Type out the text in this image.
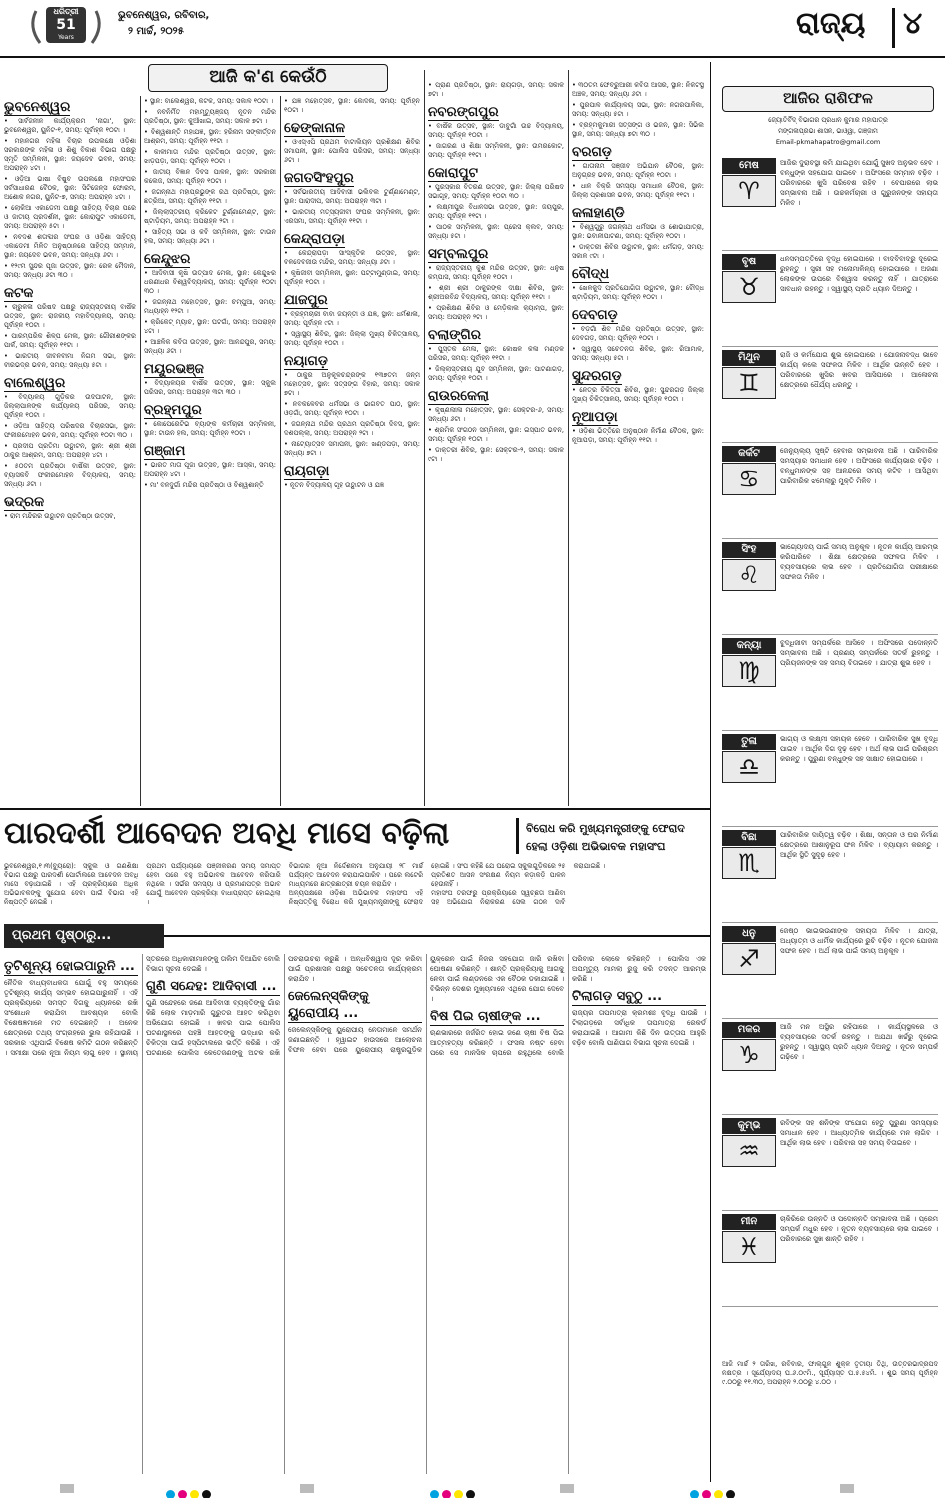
ଧରିତ୍ରୀ
51
Years
ଭୁବନେଶ୍ୱର, ରବିବାର,
୨ ମାର୍ଚ୍ଚ, ୨୦୨୫	ରାଜ୍ୟ ୪
ଆଜି କ'ଣ କେଉଁଠି
ଭୁବନେଶ୍ୱର
• ସାର୍ବଜନୀନ କାର୍ଯ୍ୟକ୍ରମ 'ନାଗା', ସ୍ଥାନ: ଭୁବନେଶ୍ୱର, ୟୁନିଟ-୧, ସମୟ: ପୂର୍ବାହ୍ନ ୧୦ଟା ।
• ମହାନଗର ମହିଳା ବିଚାର ଉପଲକ୍ଷେ ଓଡ଼ିଶା ସରକାରଙ୍କ ମହିଳା ଓ ଶିଶୁ ବିକାଶ ବିଭାଗ ପକ୍ଷରୁ ସ୍ମୃତି ସମ୍ମିଳନୀ, ସ୍ଥାନ: ଜୟଦେବ ଭବନ, ସମୟ: ଅପରାହ୍ନ ୪ଟା ।
• ଓଡ଼ିଆ ଭାଷା ବିଷୁବ ଉପଲକ୍ଷେ ମହାସଂଘର ସର୍ବସାଧାରଣ ବୈଠକ, ସ୍ଥାନ: ସିଟିଜେନ୍ସ ଫୋରମ, ଅଶୋକ ନଗର, ୟୁନିଟ-୭, ସମୟ: ଅପରାହ୍ନ ୪ଟା ।
• ଲୋକିଆ ଏକାଡେମୀ ପକ୍ଷରୁ ସାହିତ୍ୟ ବିଚାର ପରେ ଓ ଜାତୀୟ ପ୍ରଦର୍ଶନୀ, ସ୍ଥାନ: କୋରାପୁଟ ଏକାଡେମୀ, ସମୟ: ଅପରାହ୍ନ ୫ଟା ।
• ନବଦଶ ଶତାବ୍ଦୀର ସଂଘର ଓ ଓଡ଼ିଶା ସାହିତ୍ୟ ଏକାଡେମୀ ମିଳିତ ଅନୁଷ୍ଠାନରେ ସାହିତ୍ୟ ସମ୍ମାନ, ସ୍ଥାନ: ଜୟଦେବ ଭବନ, ସମୟ: ସନ୍ଧ୍ୟା ୬ଟା ।
• ୧୨୯ମ ସୁନ୍ଦର ପୂଜା ଉତ୍ସବ, ସ୍ଥାନ: ରେଳ ମୈଦାନ, ସମୟ: ସନ୍ଧ୍ୟା ୬ଟା ୩୦ ।
କଟକ
• ଚାରୁକଳା ପରିଷଦ ପକ୍ଷରୁ ରାଜ୍ୟସ୍ତରୀୟ ବାର୍ଷିକ ଉତ୍ସବ, ସ୍ଥାନ: ରାଜକୀୟ ମହାବିଦ୍ୟାଳୟ, ସମୟ: ପୂର୍ବାହ୍ନ ୧୦ଟା ।
• ପାରମ୍ପରିକ ଶିଳ୍ପ ମେଳା, ସ୍ଥାନ: ଗୌରୀଶଙ୍କର ପାର୍କ, ସମୟ: ପୂର୍ବାହ୍ନ ୧୧ଟା ।
• ଭାରତୀୟ ଜୀବନବୀମା ନିଗମ ସଭା, ସ୍ଥାନ: ବୀରଭଦ୍ର ଭବନ, ସମୟ: ସନ୍ଧ୍ୟା ୫ଟା ।
ବାଲେଶ୍ୱର
• ବିଦ୍ୟାଳୟ ଗୁଡ଼ିକର ଉଦଘାଟନ, ସ୍ଥାନ: ଜିଲ୍ଲାପାଳଙ୍କ କାର୍ଯ୍ୟାଳୟ ପରିସର, ସମୟ: ପୂର୍ବାହ୍ନ ୧୦ଟା ।
• ଓଡ଼ିଆ ସାହିତ୍ୟ ପରିଷଦର ବିଚାରସଭା, ସ୍ଥାନ: ଫକୀରମୋହନ ଭବନ, ସମୟ: ପୂର୍ବାହ୍ନ ୧୦ଟା ୩୦ ।
• ପ୍ରଦୀପ ପ୍ରତିମା ଉଦ୍ଘାଟନ, ସ୍ଥାନ: ଶ୍ରୀ ଶ୍ରୀ ଠାକୁର ଆଶ୍ରମ, ସମୟ: ଅପରାହ୍ନ ୪ଟା ।
• ୫୦ତମ ପ୍ରତିଷ୍ଠା ବାର୍ଷିକୀ ଉତ୍ସବ, ସ୍ଥାନ: ବ୍ୟାସକବି ଫକୀରମୋହନ ବିଦ୍ୟାଳୟ, ସମୟ: ସନ୍ଧ୍ୟା ୬ଟା ।
ଭଦ୍ରକ
• ରାମ ମନ୍ଦିରର ଉଦ୍ଘାଟନ ପ୍ରତିଷ୍ଠା ଉତ୍ସବ,
• ସ୍ଥାନ: ବାଲେଶ୍ୱର, କଟକ, ସମୟ: ସକାଳ ୧୦ଟା ।
• ନବନିର୍ମିତ ମହାମୃତ୍ୟୁଞ୍ଜୟ ନୂତନ ମନ୍ଦିର ପ୍ରତିଷ୍ଠା, ସ୍ଥାନ: କୁଆଁଖାଇ, ସମୟ: ସକାଳ ୭ଟା ।
• ବିଶ୍ୱଶାନ୍ତି ମହାଯଜ୍ଞ, ସ୍ଥାନ: ହରିନାମ ସଙ୍କୀର୍ତ୍ତନ ଆଶ୍ରମ, ସମୟ: ପୂର୍ବାହ୍ନ ୧୧ଟା ।
• କାଳୀମାତା ମନ୍ଦିର ପ୍ରତିଷ୍ଠା ଉତ୍ସବ, ସ୍ଥାନ: ଝାଡ଼ପଡ଼ା, ସମୟ: ପୂର୍ବାହ୍ନ ୧୦ଟା ।
• ଜାତୀୟ ବିଜ୍ଞାନ ଦିବସ ପାଳନ, ସ୍ଥାନ: ସରକାରୀ କଲେଜ, ସମୟ: ପୂର୍ବାହ୍ନ ୧୦ଟା ।
• ଜଗନ୍ନାଥ ମହାପ୍ରଭୁଙ୍କ ରଥ ପ୍ରତିଷ୍ଠା, ସ୍ଥାନ: ଛତ୍ରିଆ, ସମୟ: ପୂର୍ବାହ୍ନ ୧୧ଟା ।
• ଜିଲ୍ଲାସ୍ତରୀୟ କ୍ରିକେଟ ଟୁର୍ଣ୍ଣାମେଣ୍ଟ, ସ୍ଥାନ: ଷ୍ଟାଡ଼ିୟମ, ସମୟ: ଅପରାହ୍ନ ୨ଟା ।
• ସାହିତ୍ୟ ସଭା ଓ କବି ସମ୍ମିଳନୀ, ସ୍ଥାନ: ଟାଉନ ହଲ, ସମୟ: ସନ୍ଧ୍ୟା ୬ଟା ।
କେନ୍ଦୁଝର
• ଆଦିବାସୀ କୃଷି ଉତ୍ପାଦ ମେଳା, ସ୍ଥାନ: କେନ୍ଦୁଝର ଧରଣୀଧର ବିଶ୍ୱବିଦ୍ୟାଳୟ, ସମୟ: ପୂର୍ବାହ୍ନ ୧୦ଟା ୩୦ ।
• ଜଗନ୍ନାଥ ମହୋତ୍ସବ, ସ୍ଥାନ: ଚମ୍ପୁଆ, ସମୟ: ମଧ୍ୟାହ୍ନ ୧୨ଟା ।
• କ୍ରିକେଟ୍ ମ୍ୟାଚ, ସ୍ଥାନ: ଘଟଗାଁ, ସମୟ: ଅପରାହ୍ନ ୪ଟା ।
• ଆଞ୍ଚଳିକ କବିତା ଉତ୍ସବ, ସ୍ଥାନ: ଆନନ୍ଦପୁର, ସମୟ: ସନ୍ଧ୍ୟା ୬ଟା ।
ମୟୂରଭଞ୍ଜ
• ବିଦ୍ୟାଳୟର ବାର୍ଷିକ ଉତ୍ସବ, ସ୍ଥାନ: ସ୍କୁଲ ପରିସର, ସମୟ: ଅପରାହ୍ନ ୩ଟା ୩୦ ।
ବ୍ରହ୍ମପୁର
• କୋପେରେଟିଭ ବ୍ୟାଙ୍କ କର୍ମଚାରୀ ସମ୍ମିଳନୀ, ସ୍ଥାନ: ଟାଉନ ହଲ, ସମୟ: ପୂର୍ବାହ୍ନ ୧୦ଟା ।
ଗଞ୍ଜାମ
• ଭାରତ ମାତା ପୂଜା ଉତ୍ସବ, ସ୍ଥାନ: ଆସ୍କା, ସମୟ: ଅପରାହ୍ନ ୪ଟା ।
• ମା' ବନଦୁର୍ଗା ମନ୍ଦିର ପ୍ରତିଷ୍ଠା ଓ ବିଶ୍ୱଶାନ୍ତି
• ଯଜ୍ଞ ମହୋତ୍ସବ, ସ୍ଥାନ: କୋଦଳା, ସମୟ: ପୂର୍ବାହ୍ନ ୧୦ଟା ।
ଢେଙ୍କାନାଳ
• ଓଏସ୍ଏପି ପ୍ରଥମ ବାଟାଲିୟନ ପ୍ରଶିକ୍ଷଣ ଶିବିର ସମାପନୀ, ସ୍ଥାନ: ପୋଲିସ ପରିସର, ସମୟ: ସନ୍ଧ୍ୟା ୬ଟା ।
ଜଗତସିଂହପୁର
• ସର୍ବଭାରତୀୟ ଆଦିବାସୀ ଭଲିବଲ ଟୁର୍ଣ୍ଣାମେଣ୍ଟ, ସ୍ଥାନ: ପାରାଦୀପ, ସମୟ: ଅପରାହ୍ନ ୩ଟା ।
• ଭାରତୀୟ ମତ୍ସ୍ୟଜୀବୀ ସଂଘର ସମ୍ମିଳନୀ, ସ୍ଥାନ: ଏରସମା, ସମୟ: ପୂର୍ବାହ୍ନ ୧୧ଟା ।
କେନ୍ଦ୍ରାପଡ଼ା
• କେନ୍ଦ୍ରାପଡ଼ା ସାଂସ୍କୃତିକ ଉତ୍ସବ, ସ୍ଥାନ: ବଳଦେବଜୀଉ ମନ୍ଦିର, ସମୟ: ସନ୍ଧ୍ୟା ୬ଟା ।
• କୃଷିଜୀବୀ ସମ୍ମିଳନୀ, ସ୍ଥାନ: ପଟ୍ଟାମୁଣ୍ଡାଇ, ସମୟ: ପୂର୍ବାହ୍ନ ୧୦ଟା ।
ଯାଜପୁର
• ବ୍ରହ୍ମଚାରୀ ବାବା ଜୟନ୍ତୀ ଓ ଯଜ୍ଞ, ସ୍ଥାନ: ଧର୍ମଶାଳା, ସମୟ: ପୂର୍ବାହ୍ନ ୯ଟା ।
• ସ୍ୱାସ୍ଥ୍ୟ ଶିବିର, ସ୍ଥାନ: ଜିଲ୍ଲା ମୁଖ୍ୟ ଚିକିତ୍ସାଳୟ, ସମୟ: ପୂର୍ବାହ୍ନ ୧୦ଟା ।
ନୟାଗଡ଼
• ଠାକୁର ଅନୁକୂଳଚନ୍ଦ୍ରଙ୍କ ୧୩୭ତମ ଜନ୍ମ ମହୋତ୍ସବ, ସ୍ଥାନ: ସତ୍ସଙ୍ଗ ବିହାର, ସମୟ: ସକାଳ ୭ଟା ।
• ନବକଳେବର ଧର୍ମସଭା ଓ ଭାଗବତ ପାଠ, ସ୍ଥାନ: ଓଡ଼ଗାଁ, ସମୟ: ପୂର୍ବାହ୍ନ ୧୦ଟା ।
• ଜଗନ୍ନାଥ ମନ୍ଦିର ପ୍ରଥମ ପ୍ରତିଷ୍ଠା ଦିବସ, ସ୍ଥାନ: ଦଶପଲ୍ଲା, ସମୟ: ଅପରାହ୍ନ ୨ଟା ।
• ନାଟ୍ୟୋତ୍ସବ ସମାପନୀ, ସ୍ଥାନ: ଖଣ୍ଡପଡ଼ା, ସମୟ: ସନ୍ଧ୍ୟା ୭ଟା ।
ରାୟଗଡ଼ା
• ନୂତନ ବିଦ୍ୟାଳୟ ଗୃହ ଉଦ୍ଘାଟନ ଓ ଯଜ୍ଞ
• ପ୍ରାଣ ପ୍ରତିଷ୍ଠା, ସ୍ଥାନ: ରାୟଗଡ଼ା, ସମୟ: ସକାଳ ୭ଟା ।
ନବରଙ୍ଗପୁର
• ବାର୍ଷିକ ଉତ୍ସବ, ସ୍ଥାନ: ଡାବୁଗାଁ ଉଚ୍ଚ ବିଦ୍ୟାଳୟ, ସମୟ: ପୂର୍ବାହ୍ନ ୧୦ଟା ।
• ଜାଗରଣ ଓ ଶିକ୍ଷା ସମ୍ମିଳନୀ, ସ୍ଥାନ: ଉମରକୋଟ, ସମୟ: ପୂର୍ବାହ୍ନ ୧୧ଟା ।
କୋରାପୁଟ
• ପୁରସ୍କାର ବିତରଣ ଉତ୍ସବ, ସ୍ଥାନ: ଜିଲ୍ଲା ପରିଷଦ ସଭାଗୃହ, ସମୟ: ପୂର୍ବାହ୍ନ ୧୦ଟା ୩୦ ।
• ଲକ୍ଷ୍ମୀପୁର ବିଧାନସଭା ଉତ୍ସବ, ସ୍ଥାନ: ଜୟପୁର, ସମୟ: ପୂର୍ବାହ୍ନ ୧୧ଟା ।
• ପାଠକ ସମ୍ମିଳନୀ, ସ୍ଥାନ: ପ୍ରେସ କ୍ଲବ, ସମୟ: ସନ୍ଧ୍ୟା ୫ଟା ।
ସମ୍ବଲପୁର
• ରାଜ୍ୟସ୍ତରୀୟ କୁଶ ମନ୍ଦିର ଉତ୍ସବ, ସ୍ଥାନ: ଧନୁଷ କମ୍ପାସ, ସମୟ: ପୂର୍ବାହ୍ନ ୧୦ଟା ।
• ଶ୍ରୀ ଶ୍ରୀ ଠାକୁରଙ୍କ ଦୀକ୍ଷା ଶିବିର, ସ୍ଥାନ: ଶ୍ରୀଅରବିନ୍ଦ ବିଦ୍ୟାଳୟ, ସମୟ: ପୂର୍ବାହ୍ନ ୧୧ଟା ।
• ପ୍ରଶିକ୍ଷଣ ଶିବିର ଓ ମେଡ଼ିକାଲ କ୍ୟାମ୍ପ, ସ୍ଥାନ: ସମୟ: ଅପରାହ୍ନ ୨ଟା ।
ବଲାଙ୍ଗିର
• ପୁସ୍ତକ ମେଳା, ସ୍ଥାନ: କୋଷଳ କଳା ମଣ୍ଡଳ ପରିସର, ସମୟ: ପୂର୍ବାହ୍ନ ୧୧ଟା ।
• ଜିଲ୍ଲାସ୍ତରୀୟ ଯୁବ ସମ୍ମିଳନୀ, ସ୍ଥାନ: ପାଟଣାଗଡ଼, ସମୟ: ପୂର୍ବାହ୍ନ ୧୦ଟା ।
ରାଉରକେଲା
• କୃଷ୍ଣଲୀଳା ମହୋତ୍ସବ, ସ୍ଥାନ: ସେକ୍ଟର-୬, ସମୟ: ସନ୍ଧ୍ୟା ୬ଟା ।
• ଶ୍ରମିକ ସଂଗଠନ ସମ୍ମିଳନୀ, ସ୍ଥାନ: ଇସ୍ପାତ ଭବନ, ସମୟ: ପୂର୍ବାହ୍ନ ୧୦ଟା ।
• ଡାକ୍ତରୀ ଶିବିର, ସ୍ଥାନ: ସେକ୍ଟର-୨, ସମୟ: ସକାଳ ୯ଟା ।
• ୩୦ତମ ଫେବ୍ରୁଆରୀ କବିତା ଆସର, ସ୍ଥାନ: ନିକଟସ୍ଥ ଅଞ୍ଚଳ, ସମୟ: ସନ୍ଧ୍ୟା ୬ଟା ।
• ପୁରପାଳ କାର୍ଯ୍ୟାଳୟ ସଭା, ସ୍ଥାନ: ନଗରପାଳିକା, ସମୟ: ସନ୍ଧ୍ୟା ୫ଟା ।
• ବ୍ରହ୍ମକୁମାରୀ ସତ୍ସଙ୍ଗ ଓ ଭଜନ, ସ୍ଥାନ: ସିଭିଲ ସ୍ଥାନ, ସମୟ: ସନ୍ଧ୍ୟା ୭ଟା ୩୦ ।
ବରଗଡ଼
• ଗାତାନାମ ସଞ୍ଜୀବ ଅଭିଯାନ ବୈଠକ, ସ୍ଥାନ: ଅନୁଗ୍ରହ ଭବନ, ସମୟ: ପୂର୍ବାହ୍ନ ୧୦ଟା ।
• ଧାନ ବିକ୍ରି ସମସ୍ୟା ସମାଧାନ ବୈଠକ, ସ୍ଥାନ: ଜିଲ୍ଲା ପ୍ରଶାସନ ଭବନ, ସମୟ: ପୂର୍ବାହ୍ନ ୧୧ଟା ।
କଳାହାଣ୍ଡି
• ବିଶ୍ୱଗୁରୁ ଜଗନ୍ନାଥ ଧର୍ମସଭା ଓ ଶୋଭାଯାତ୍ରା, ସ୍ଥାନ: ଭବାନୀପାଟଣା, ସମୟ: ପୂର୍ବାହ୍ନ ୧୦ଟା ।
• ଡାକ୍ତରୀ ଶିବିର ଉଦ୍ଘାଟନ, ସ୍ଥାନ: ଧର୍ମଗଡ଼, ସମୟ: ସକାଳ ୯ଟା ।
ବୌଦ୍ଧ
• ଖେଳକୁଦ ପ୍ରତିଯୋଗିତା ଉଦ୍ଘାଟନ, ସ୍ଥାନ: ବୌଦ୍ଧ ଷ୍ଟାଡ଼ିୟମ, ସମୟ: ପୂର୍ବାହ୍ନ ୧୦ଟା ।
ଦେବଗଡ଼
• ବଡ଼ଗାଁ ଶିବ ମନ୍ଦିର ପ୍ରତିଷ୍ଠା ଉତ୍ସବ, ସ୍ଥାନ: ଦେବଗଡ଼, ସମୟ: ପୂର୍ବାହ୍ନ ୧୦ଟା ।
• ସ୍ୱାସ୍ଥ୍ୟ ସଚେତନତା ଶିବିର, ସ୍ଥାନ: ରିଆମାଳ, ସମୟ: ସନ୍ଧ୍ୟା ୫ଟା ।
ସୁନ୍ଦରଗଡ଼
• ନେତ୍ର ଚିକିତ୍ସା ଶିବିର, ସ୍ଥାନ: ସୁନ୍ଦରଗଡ଼ ଜିଲ୍ଲା ମୁଖ୍ୟ ଚିକିତ୍ସାଳୟ, ସମୟ: ପୂର୍ବାହ୍ନ ୧୦ଟା ।
ନୂଆପଡ଼ା
• ଓଡ଼ିଶା ଭିତ୍ତିରେ ଅନୁଷ୍ଠାନ ନିର୍ମାଣ ବୈଠକ, ସ୍ଥାନ: ନୂଆପଡ଼ା, ସମୟ: ପୂର୍ବାହ୍ନ ୧୧ଟା ।
ଆଜିର ରାଶିଫଳ
ଜ୍ୟୋତିର୍ବିଦ୍ ବିଭାଗର ପ୍ରଧାନ କୁମାର ମହାପାତ୍ର
ମଙ୍ଗଳାପ୍ରଭା ଶାସନ, ଭାଓ୍ୱା, ଗଞ୍ଜାମ
Email-pkmahapatro@gmail.com
ମେଷ
♈
ଆଜିର ଦୁରାବସ୍ଥା କମି ଯାଇଥିବା ଯୋଗୁଁ ସୁଖଦ ଅନୁଭବ ହେବ । ବନ୍ଧୁଙ୍କ ସହଯୋଗ ପାଇବେ । ଅଫିସରେ ସମ୍ମାନ ବଢ଼ିବ । ପରିବାରରେ ଖୁସି ପରିବେଶ ରହିବ । ବେପାରରେ ଲାଭ ସମ୍ଭାବନା ଅଛି । ଉଚ୍ଚକର୍ମଚାରୀ ଓ ଗୁରୁଜନଙ୍କ ସହାୟତା ମିଳିବ ।
ବୃଷ
♉
ଧନସମ୍ପତ୍ତିରେ ବୃଦ୍ଧି ହୋଇପାରେ । ବାଦବିବାଦରୁ ଦୂରେଇ ରୁହନ୍ତୁ । ସ୍ତ୍ରୀ ସହ ମନୋମାଳିନ୍ୟ ହୋଇପାରେ । ଅଜଣା ଲୋକଙ୍କ ଉପରେ ବିଶ୍ୱାସ କରନ୍ତୁ ନାହିଁ । ଯାତ୍ରାରେ ସାବଧାନ ରହନ୍ତୁ । ସ୍ୱାସ୍ଥ୍ୟ ପ୍ରତି ଧ୍ୟାନ ଦିଅନ୍ତୁ ।
ମିଥୁନ
♊
ରାଜି ଓ କର୍ମଯୋଗ ଶୁଭ ହୋଇପାରେ । ଯୋଜନାବଦ୍ଧ ଭାବେ କାର୍ଯ୍ୟ କଲେ ସଫଳତା ମିଳିବ । ଆର୍ଥିକ ଉନ୍ନତି ହେବ । ପରିବାରରେ ଖୁସିର ଖବର ଆସିପାରେ । ଆଳୋଚନା କ୍ଷେତ୍ରରେ ଧୈର୍ଯ୍ୟ ଧରନ୍ତୁ ।
କର୍କଟ
♋
ଜେନ୍ୟୁଲ୍ୟ ସୃଷ୍ଟି ହେବାର ସମ୍ଭାବନା ଅଛି । ପାରିବାରିକ ସମସ୍ୟାର ସମାଧାନ ହେବ । ଅଫିସରେ କାର୍ଯ୍ୟଭାର ବଢ଼ିବ । ବନ୍ଧୁମାନଙ୍କ ସହ ଆନନ୍ଦରେ ସମୟ କଟିବ । ଆସିଥିବା ପାରିବାରିକ ଝମେଲାରୁ ମୁକ୍ତି ମିଳିବ ।
ସିଂହ
♌
ଭାଗ୍ୟୋଦୟ ପାଇଁ ସମୟ ଅନୁକୂଳ । ନୂତନ କାର୍ଯ୍ୟ ଆରମ୍ଭ କରିପାରିବେ । ଶିକ୍ଷା କ୍ଷେତ୍ରରେ ସଫଳତା ମିଳିବ । ବ୍ୟବସାୟରେ ଲାଭ ହେବ । ପ୍ରତିଯୋଗିତା ପରୀକ୍ଷାରେ ସଫଳତା ମିଳିବ ।
କନ୍ୟା
♍
ବୁଦ୍ଧିଜୀବୀ ସମ୍ପର୍କରେ ଆସିବେ । ଅଫିସରେ ପଦୋନ୍ନତି ସମ୍ଭାବନା ଅଛି । ପ୍ରଣୟ ସମ୍ପର୍କରେ ସତର୍କ ରୁହନ୍ତୁ । ପ୍ରିୟଜନଙ୍କ ସହ ସମୟ ବିତାଇବେ । ଯାତ୍ରା ଶୁଭ ହେବ ।
ତୁଳା
♎
ଭାଗ୍ୟ ଓ ଲକ୍ଷ୍ମୀ ସହାୟକ ହେବେ । ପାରିବାରିକ ସୁଖ ବୃଦ୍ଧି ପାଇବ । ଆର୍ଥିକ ଦିଗ ଦୃଢ଼ ହେବ । ଅର୍ଥ ଲାଭ ପାଇଁ ପରିଶ୍ରମ କରନ୍ତୁ । ପୁରୁଣା ବନ୍ଧୁଙ୍କ ସହ ସାକ୍ଷାତ ହୋଇପାରେ ।
ବିଛା
♏
ପାରିବାରିକ ଦାୟିତ୍ୱ ବଢ଼ିବ । ଶିକ୍ଷା, ସନ୍ତାନ ଓ ଘର ନିର୍ମାଣ କ୍ଷେତ୍ରରେ ଆଶାନୁରୂପ ଫଳ ମିଳିବ । ବ୍ୟାୟାମ କରନ୍ତୁ । ଆର୍ଥିକ ସ୍ଥିତି ସୁଦୃଢ଼ ହେବ ।
ଧନୁ
♐
ଜେଷ୍ଠ ଭାଇଭଉଣୀଙ୍କ ସହାୟତା ମିଳିବ । ଯାତ୍ରା, ଅଧ୍ୟାତ୍ମ ଓ ଧାର୍ମିକ କାର୍ଯ୍ୟରେ ରୁଚି ବଢ଼ିବ । ନୂତନ ଯୋଜନା ସଫଳ ହେବ । ଅର୍ଥ ଲାଭ ପାଇଁ ସମୟ ଅନୁକୂଳ ।
ମକର
♑
ଆଜି ମନ ଅସ୍ଥିର ରହିପାରେ । କାର୍ଯ୍ୟସ୍ଥଳରେ ଓ ବ୍ୟବସାୟରେ ସତର୍କ ରହନ୍ତୁ । ଅଯଥା ଖର୍ଚ୍ଚରୁ ଦୂରେଇ ରୁହନ୍ତୁ । ସ୍ୱାସ୍ଥ୍ୟ ପ୍ରତି ଧ୍ୟାନ ଦିଅନ୍ତୁ । ନୂତନ ସମ୍ପର୍କ ଗଢ଼ିବେ ।
କୁମ୍ଭ
♒
ରବିଙ୍କ ସହ ଶନିଙ୍କ ସଂଯୋଗ ହେତୁ ପୁରୁଣା ସମସ୍ୟାର ସମାଧାନ ହେବ । ଆଧ୍ୟାତ୍ମିକ କାର୍ଯ୍ୟରେ ମନ ଲାଗିବ । ଆର୍ଥିକ ଲାଭ ହେବ । ପରିବାର ସହ ସମୟ ବିତାଇବେ ।
ମୀନ
♓
ଚାକିରିରେ ଉନ୍ନତି ଓ ପଦୋନ୍ନତି ସମ୍ଭାବନା ଅଛି । ପ୍ରେମ ସମ୍ପର୍କ ମଧୁର ହେବ । ନୂତନ ବ୍ୟବସାୟରେ ଲାଭ ପାଇବେ । ପରିବାରରେ ସୁଖ ଶାନ୍ତି ରହିବ ।
ଆଜି ମାର୍ଚ୍ଚ ୨ ତାରିଖ, ରବିବାର, ଫାଲ୍‌ଗୁନ ଶୁକ୍ଳ ତୃତୀୟା ତିଥି, ଉତ୍ତରଭାଦ୍ରପଦ ନକ୍ଷତ୍ର । ସୂର୍ଯ୍ୟୋଦୟ ଘ.୬.୦୯ମି., ସୂର୍ଯ୍ୟାସ୍ତ ଘ.୫.୫୪ମି. । ଶୁଭ ସମୟ ପୂର୍ବାହ୍ନ ୯.୦୦ରୁ ୧୧.୩୦, ଅପରାହ୍ନ ୨.୦୦ରୁ ୪.୦୦ ।
ପାରଦର୍ଶୀ ଆବେଦନ ଅବଧି ମାସେ ବଢ଼ିଲା	ବିରୋଧ କରି ମୁଖ୍ୟମନ୍ତ୍ରୀଙ୍କୁ ଫେରାଦ
ହେଲା ଓଡ଼ିଶା ଅଭିଭାବକ ମହାସଂଘ

ଭୁବନେଶ୍ୱର,୧।୩(ବ୍ୟୁରୋ): ସ୍କୁଲ ଓ ଗଣଶିକ୍ଷା ବିଭାଗ ପକ୍ଷରୁ ପାରଦର୍ଶୀ ପୋର୍ଟାଲରେ ଆବେଦନ ଅବଧି ମାସେ ବଢ଼ାଯାଇଛି । ଏହି ପ୍ରକ୍ରିୟାରେ ଅଧିକ ଅଭିଭାବକଙ୍କୁ ସୁଯୋଗ ଦେବା ପାଇଁ ବିଭାଗ ଏହି ନିଷ୍ପତ୍ତି ନେଇଛି ।

ପ୍ରଥମ ପର୍ଯ୍ୟାୟରେ ପଞ୍ଜୀକରଣ ସମୟ ସମାପ୍ତ ହେବା ପରେ ବହୁ ଅଭିଭାବକ ଆବେଦନ କରିପାରି ନଥିଲେ । ସର୍ଭର ସମସ୍ୟା ଓ ପ୍ରମାଣପତ୍ର ଅଭାବ ଯୋଗୁଁ ଆବେଦନ ପ୍ରକ୍ରିୟା ବାଧାପ୍ରାପ୍ତ ହୋଇଥିଲା ।

ବିଭାଗର ନୂଆ ନିର୍ଦ୍ଦେଶନାମା ଅନୁଯାୟୀ ୨୮ ମାର୍ଚ୍ଚ ପର୍ଯ୍ୟନ୍ତ ଆବେଦନ କରାଯାଇପାରିବ । ପରେ ଲଟେରି ମାଧ୍ୟମରେ ଛାତ୍ରଛାତ୍ରୀ ଚୟନ କରାଯିବ ।

ଅନ୍ୟପକ୍ଷରେ ଓଡ଼ିଶା ଅଭିଭାବକ ମହାସଂଘ ଏହି ନିଷ୍ପତ୍ତିକୁ ବିରୋଧ କରି ମୁଖ୍ୟମନ୍ତ୍ରୀଙ୍କୁ ଫେରାଦ ହୋଇଛି । ସଂଘ କହିଛି ଯେ ଘରୋଇ ସ୍କୁଲଗୁଡ଼ିକରେ ୨୫ ପ୍ରତିଶତ ଆସନ ସଂରକ୍ଷଣ ନିୟମ କଡ଼ାକଡ଼ି ପାଳନ ହେଉନାହିଁ ।

ମହାସଂଘ ତରଫରୁ ପ୍ରକ୍ରିୟାରେ ସ୍ୱଚ୍ଛତା ଆଣିବା ସହ ଅଭିଯୋଗ ନିରାକରଣ ସେଲ ଗଠନ ଦାବି କରାଯାଇଛି ।

ପ୍ରଥମ ପୃଷ୍ଠାରୁ...
ତୃଟିଶୂନ୍ୟ ହୋଇପାରୁନି ...
ନୈତିକ ବାଧ୍ୟବାଧକତା ଯୋଗୁଁ ବହୁ ସମୟରେ ତୃଟିଶୂନ୍ୟ କାର୍ଯ୍ୟ ସମ୍ଭବ ହୋଇପାରୁନାହିଁ । ଏହି ପ୍ରକ୍ରିୟାରେ ସମସ୍ତ ଦିଗକୁ ଧ୍ୟାନରେ ରଖି ସଂଶୋଧନ କରାଯିବା ଆବଶ୍ୟକ ବୋଲି ବିଶେଷଜ୍ଞମାନେ ମତ ଦେଇଛନ୍ତି । ଅନେକ କ୍ଷେତ୍ରରେ ତଥ୍ୟ ସଂଗ୍ରହରେ ଭୁଲ ରହିଯାଉଛି । ସରକାର ଏଥିପାଇଁ ବିଶେଷ କମିଟି ଗଠନ କରିଛନ୍ତି । ସମୀକ୍ଷା ପରେ ନୂଆ ନିୟମ ଲାଗୁ ହେବ । ସ୍ଥାନୀୟ ସ୍ତରରେ ଅଧିକାରୀମାନଙ୍କୁ ତାଲିମ ଦିଆଯିବ ବୋଲି ବିଭାଗ ସୂଚନା ଦେଇଛି ।
ଗୁଣି ସନ୍ଦେହ: ଆଦିବାସୀ ...
ଗୁଣି ସନ୍ଦେହରେ ଜଣେ ଆଦିବାସୀ ବ୍ୟକ୍ତିଙ୍କୁ ଗାଁର କିଛି ଲୋକ ମାଡ଼ମାରି ଗୁରୁତର ଆହତ କରିଥିବା ଅଭିଯୋଗ ହୋଇଛି । ଖବର ପାଇ ପୋଲିସ ଘଟଣାସ୍ଥଳରେ ପହଞ୍ଚି ଆହତଙ୍କୁ ଉଦ୍ଧାର କରି ଚିକିତ୍ସା ପାଇଁ ହସ୍ପିଟାଲରେ ଭର୍ତ୍ତି କରିଛି । ଏହି ଘଟଣାରେ ପୋଲିସ କେତେଜଣଙ୍କୁ ଅଟକ ରଖି ପଚରାଉଚରା କରୁଛି । ଅନ୍ଧବିଶ୍ୱାସ ଦୂର କରିବା ପାଇଁ ପ୍ରଶାସନ ପକ୍ଷରୁ ସଚେତନତା କାର୍ଯ୍ୟକ୍ରମ କରାଯିବ ।
ଜେଲେନ୍‌ସ୍କିଙ୍କୁ ୟୁରୋପୀୟ ...
ଜେଲେନ୍‌ସ୍କିଙ୍କୁ ୟୁରୋପୀୟ ନେତାମାନେ ସମର୍ଥନ ଜଣାଇଛନ୍ତି । ହ୍ୱାଇଟ ହାଉସରେ ଆଲୋଚନା ବିଫଳ ହେବା ପରେ ୟୁରୋପୀୟ ରାଷ୍ଟ୍ରଗୁଡ଼ିକ ୟୁକ୍ରେନ ପାଇଁ ନିଜର ସହଯୋଗ ଜାରି ରଖିବା ଘୋଷଣା କରିଛନ୍ତି । ଶାନ୍ତି ପ୍ରକ୍ରିୟାକୁ ଆଗକୁ ନେବା ପାଇଁ ଲଣ୍ଡନରେ ଏକ ବୈଠକ ଡକାଯାଇଛି । ବିଭିନ୍ନ ଦେଶର ମୁଖ୍ୟମାନେ ଏଥିରେ ଯୋଗ ଦେବେ ।
ବିଷ ପିଇ ଚାଷୀଙ୍କ ...
ଋଣଭାରରେ ଜର୍ଜରିତ ହୋଇ ଜଣେ ଚାଷୀ ବିଷ ପିଇ ଆତ୍ମହତ୍ୟା କରିଛନ୍ତି । ଫସଲ ନଷ୍ଟ ହେବା ପରେ ସେ ମାନସିକ ଚାପରେ ରହୁଥିଲେ ବୋଲି ପରିବାର ଲୋକେ କହିଛନ୍ତି । ପୋଲିସ ଏକ ଅପମୃତ୍ୟୁ ମାମଲା ରୁଜୁ କରି ତଦନ୍ତ ଆରମ୍ଭ କରିଛି ।
ଟିଲାଗଡ଼ ସବୁଠୁ ...
ରାଜ୍ୟର ତାପମାତ୍ରା କ୍ରମଶଃ ବୃଦ୍ଧି ପାଉଛି । ଟିଲାଗଡ଼ରେ ସର୍ବାଧିକ ତାପମାତ୍ରା ରେକର୍ଡ କରାଯାଇଛି । ଆଗାମୀ କିଛି ଦିନ ଉତ୍ତାପ ଆହୁରି ବଢ଼ିବ ବୋଲି ପାଣିପାଗ ବିଭାଗ ସୂଚନା ଦେଇଛି ।
